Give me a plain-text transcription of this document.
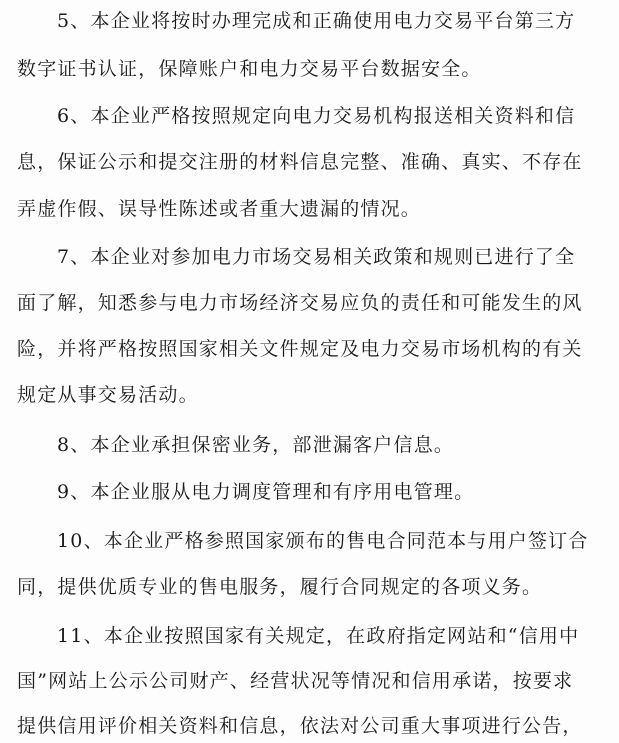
5、本企业将按时办理完成和正确使用电力交易平台第三方
数字证书认证，保障账户和电力交易平台数据安全。
6、本企业严格按照规定向电力交易机构报送相关资料和信
息，保证公示和提交注册的材料信息完整、准确、真实、不存在
弄虚作假、误导性陈述或者重大遗漏的情况。
7、本企业对参加电力市场交易相关政策和规则已进行了全
面了解，知悉参与电力市场经济交易应负的责任和可能发生的风
险，并将严格按照国家相关文件规定及电力交易市场机构的有关
规定从事交易活动。
8、本企业承担保密业务，部泄漏客户信息。
9、本企业服从电力调度管理和有序用电管理。
10、本企业严格参照国家颁布的售电合同范本与用户签订合
同，提供优质专业的售电服务，履行合同规定的各项义务。
11、本企业按照国家有关规定，在政府指定网站和“信用中
国”网站上公示公司财产、经营状况等情况和信用承诺，按要求
提供信用评价相关资料和信息，依法对公司重大事项进行公告，
